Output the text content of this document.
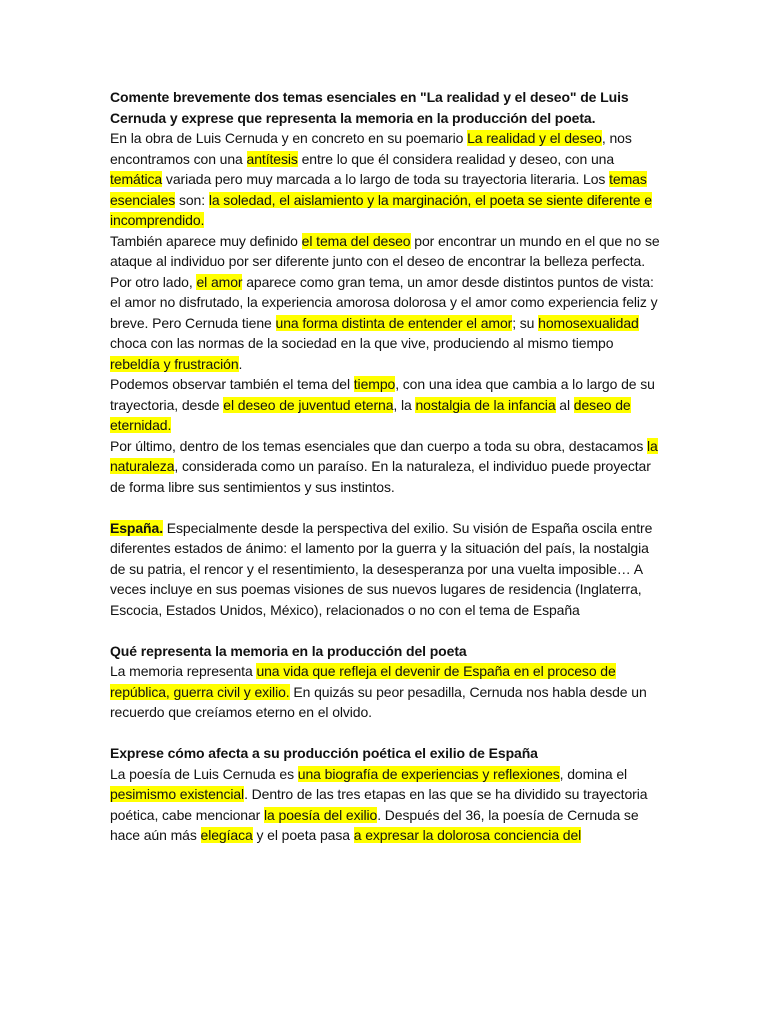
Comente brevemente dos temas esenciales en "La realidad y el deseo" de Luis Cernuda y exprese que representa la memoria en la producción del poeta.

En la obra de Luis Cernuda y en concreto en su poemario La realidad y el deseo, nos encontramos con una antítesis entre lo que él considera realidad y deseo, con una temática variada pero muy marcada a lo largo de toda su trayectoria literaria. Los temas esenciales son: la soledad, el aislamiento y la marginación, el poeta se siente diferente e incomprendido.

También aparece muy definido el tema del deseo por encontrar un mundo en el que no se ataque al individuo por ser diferente junto con el deseo de encontrar la belleza perfecta.

Por otro lado, el amor aparece como gran tema, un amor desde distintos puntos de vista: el amor no disfrutado, la experiencia amorosa dolorosa y el amor como experiencia feliz y breve. Pero Cernuda tiene una forma distinta de entender el amor; su homosexualidad choca con las normas de la sociedad en la que vive, produciendo al mismo tiempo rebeldía y frustración.

Podemos observar también el tema del tiempo, con una idea que cambia a lo largo de su trayectoria, desde el deseo de juventud eterna, la nostalgia de la infancia al deseo de eternidad.

Por último, dentro de los temas esenciales que dan cuerpo a toda su obra, destacamos la naturaleza, considerada como un paraíso. En la naturaleza, el individuo puede proyectar de forma libre sus sentimientos y sus instintos.

España. Especialmente desde la perspectiva del exilio. Su visión de España oscila entre diferentes estados de ánimo: el lamento por la guerra y la situación del país, la nostalgia de su patria, el rencor y el resentimiento, la desesperanza por una vuelta imposible… A veces incluye en sus poemas visiones de sus nuevos lugares de residencia (Inglaterra, Escocia, Estados Unidos, México), relacionados o no con el tema de España

Qué representa la memoria en la producción del poeta

La memoria representa una vida que refleja el devenir de España en el proceso de república, guerra civil y exilio. En quizás su peor pesadilla, Cernuda nos habla desde un recuerdo que creíamos eterno en el olvido.

Exprese cómo afecta a su producción poética el exilio de España

La poesía de Luis Cernuda es una biografía de experiencias y reflexiones, domina el pesimismo existencial. Dentro de las tres etapas en las que se ha dividido su trayectoria poética, cabe mencionar la poesía del exilio. Después del 36, la poesía de Cernuda se hace aún más elegíaca y el poeta pasa a expresar la dolorosa conciencia del
